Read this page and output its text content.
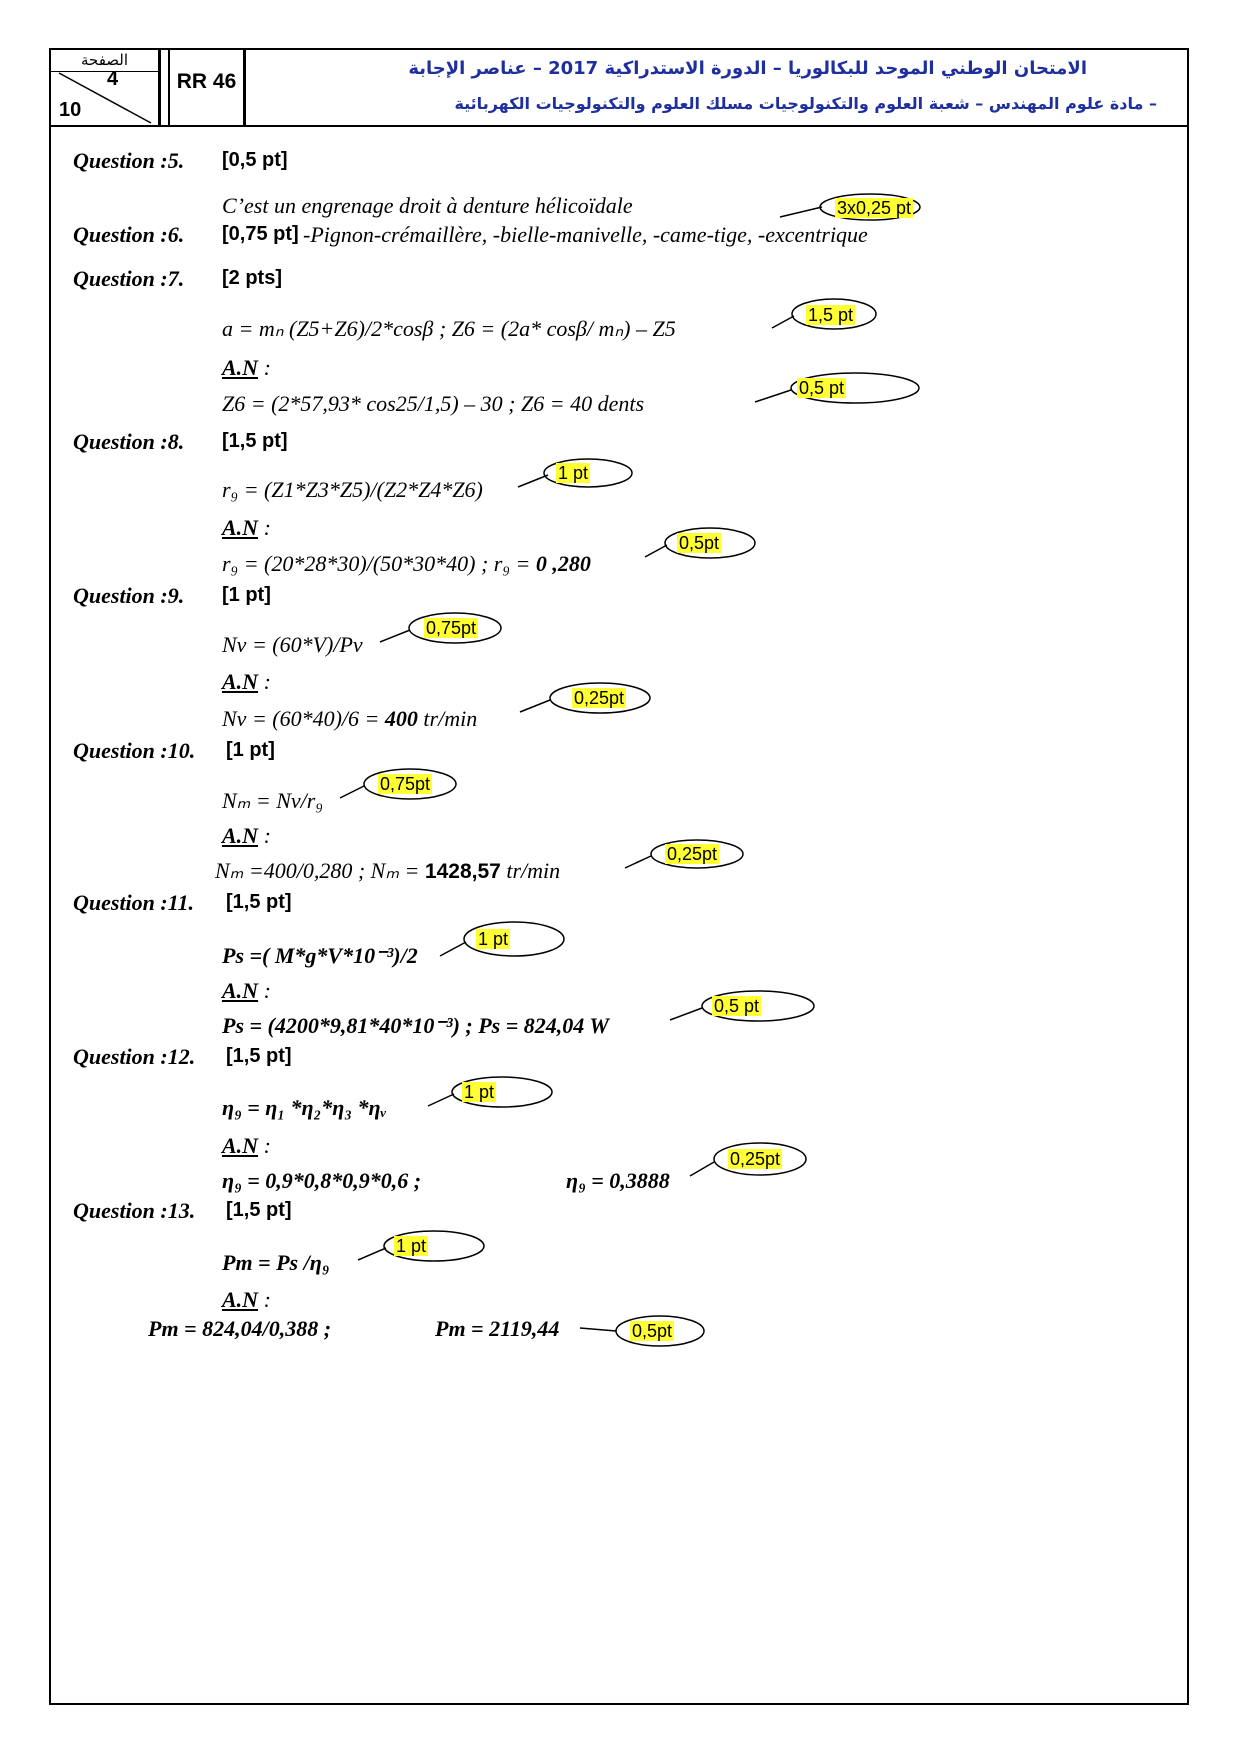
الصفحة
4
10
RR 46
الامتحان الوطني الموحد للبكالوريا – الدورة الاستدراكية 2017 – عناصر الإجابة
– مادة علوم المهندس – شعبة العلوم والتكنولوجيات مسلك العلوم والتكنولوجيات الكهربائية
Question :5. [0,5 pt]
C’est un engrenage droit à denture hélicoïdale	3x0,25 pt
Question :6. [0,75 pt] -Pignon-crémaillère, -bielle-manivelle, -came-tige, -excentrique
Question :7. [2 pts]
a = mₙ (Z5+Z6)/2*cosβ ; Z6 = (2a* cosβ/ mₙ) – Z5
1,5 pt
A.N :
Z6 = (2*57,93* cos25/1,5) – 30 ; Z6 = 40 dents
0,5 pt
Question :8. [1,5 pt]
r₉ = (Z1*Z3*Z5)/(Z2*Z4*Z6)
1 pt
A.N :
r₉ = (20*28*30)/(50*30*40) ; r₉ = 0 ,280
0,5pt
Question :9. [1 pt]
Nv = (60*V)/Pv
0,75pt
A.N :
Nv = (60*40)/6 = 400 tr/min
0,25pt
Question :10. [1 pt]
Nₘ = Nv/r₉
0,75pt
A.N :
Nₘ =400/0,280 ; Nₘ = 1428,57 tr/min
0,25pt
Question :11. [1,5 pt]
Ps =( M*g*V*10⁻³)/2
1 pt
A.N :
Ps = (4200*9,81*40*10⁻³) ; Ps = 824,04 W
0,5 pt
Question :12. [1,5 pt]
η₉ = η₁ *η₂*η₃ *ηᵥ
1 pt
A.N :
η₉ = 0,9*0,8*0,9*0,6 ;	η₉ = 0,3888
0,25pt
Question :13. [1,5 pt]
Pm = Ps /η₉
1 pt
A.N :
Pm = 824,04/0,388 ;	Pm = 2119,44	0,5pt
